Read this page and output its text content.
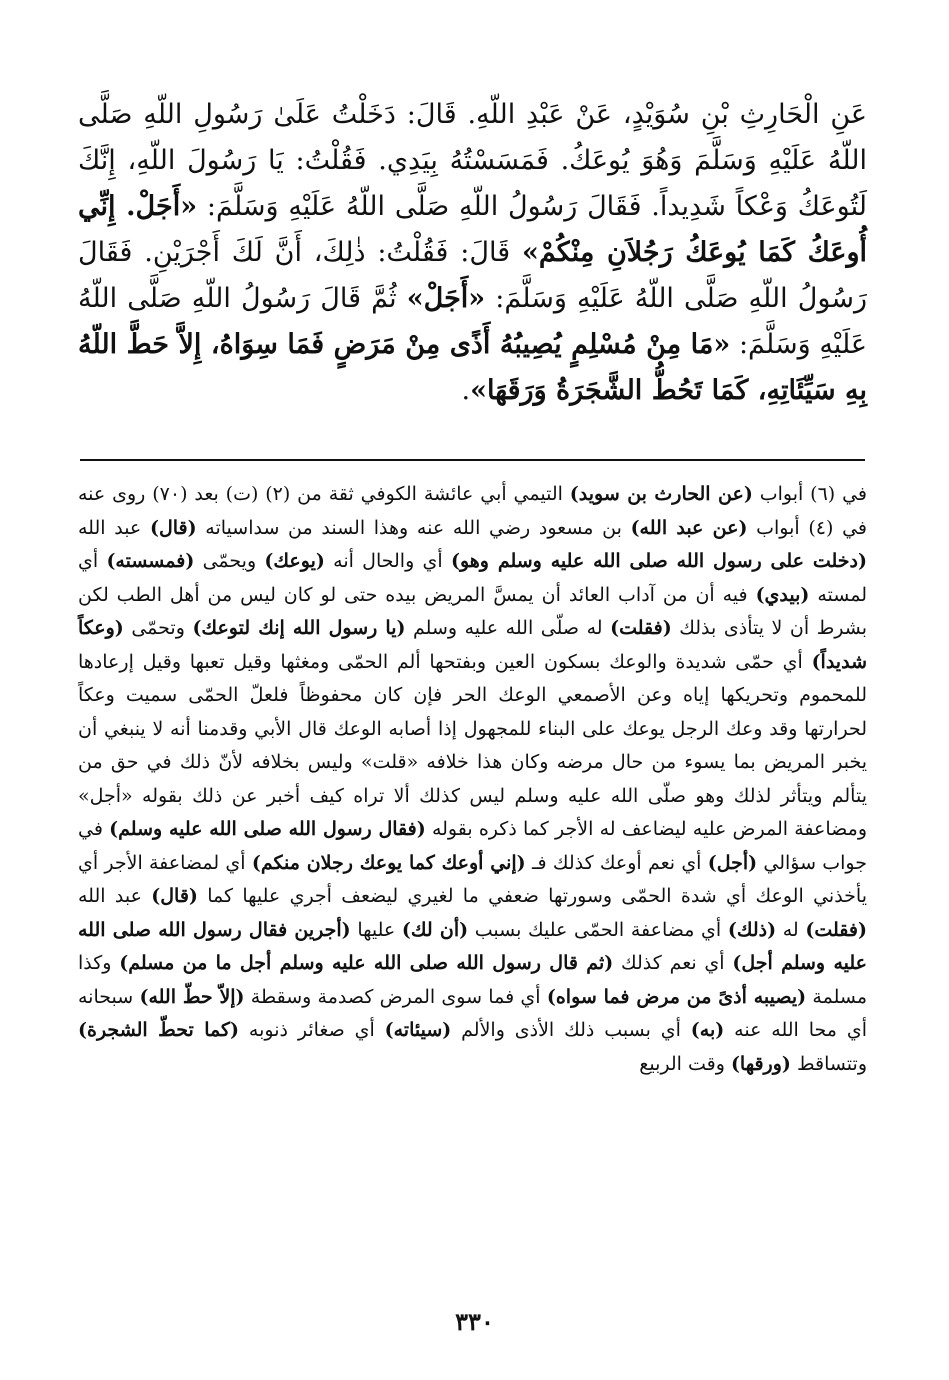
عَنِ الْحَارِثِ بْنِ سُوَيْدٍ، عَنْ عَبْدِ اللّهِ. قَالَ: دَخَلْتُ عَلَىٰ رَسُولِ اللّهِ صَلَّى اللّهُ عَلَيْهِ وَسَلَّمَ وَهُوَ يُوعَكُ. فَمَسَسْتُهُ بِيَدِي. فَقُلْتُ: يَا رَسُولَ اللّهِ، إِنَّكَ لَتُوعَكُ وَعْكاً شَدِيداً. فَقَالَ رَسُولُ اللّهِ صَلَّى اللّهُ عَلَيْهِ وَسَلَّمَ: «أَجَلْ. إِنِّي أُوعَكُ كَمَا يُوعَكُ رَجُلاَنِ مِنْكُمْ» قَالَ: فَقُلْتُ: ذٰلِكَ، أَنَّ لَكَ أَجْرَيْنِ. فَقَالَ رَسُولُ اللّهِ صَلَّى اللّهُ عَلَيْهِ وَسَلَّمَ: «أَجَلْ» ثُمَّ قَالَ رَسُولُ اللّهِ صَلَّى اللّهُ عَلَيْهِ وَسَلَّمَ: «مَا مِنْ مُسْلِمٍ يُصِيبُهُ أَذًى مِنْ مَرَضٍ فَمَا سِوَاهُ، إِلاَّ حَطَّ اللّهُ بِهِ سَيِّئَاتِهِ، كَمَا تَحُطُّ الشَّجَرَةُ وَرَقَهَا».

في (٦) أبواب (عن الحارث بن سويد) التيمي أبي عائشة الكوفي ثقة من (٢) (ت) بعد (٧٠) روى عنه في (٤) أبواب (عن عبد الله) بن مسعود رضي الله عنه وهذا السند من سداسياته (قال) عبد الله (دخلت على رسول الله صلى الله عليه وسلم وهو) أي والحال أنه (يوعك) ويحمّى (فمسسته) أي لمسته (بيدي) فيه أن من آداب العائد أن يمسَّ المريض بيده حتى لو كان ليس من أهل الطب لكن بشرط أن لا يتأذى بذلك (فقلت) له صلّى الله عليه وسلم (يا رسول الله إنك لتوعك) وتحمّى (وعكاً شديداً) أي حمّى شديدة والوعك بسكون العين وبفتحها ألم الحمّى ومغثها وقيل تعبها وقيل إرعادها للمحموم وتحريكها إياه وعن الأصمعي الوعك الحر فإن كان محفوظاً فلعلّ الحمّى سميت وعكاً لحرارتها وقد وعك الرجل يوعك على البناء للمجهول إذا أصابه الوعك قال الأبي وقدمنا أنه لا ينبغي أن يخبر المريض بما يسوء من حال مرضه وكان هذا خلافه «قلت» وليس بخلافه لأنّ ذلك في حق من يتألم ويتأثر لذلك وهو صلّى الله عليه وسلم ليس كذلك ألا تراه كيف أخبر عن ذلك بقوله «أجل» ومضاعفة المرض عليه ليضاعف له الأجر كما ذكره بقوله (فقال رسول الله صلى الله عليه وسلم) في جواب سؤالي (أجل) أي نعم أوعك كذلك فـ (إني أوعك كما يوعك رجلان منكم) أي لمضاعفة الأجر أي يأخذني الوعك أي شدة الحمّى وسورتها ضعفي ما لغيري ليضعف أجري عليها كما (قال) عبد الله (فقلت) له (ذلك) أي مضاعفة الحمّى عليك بسبب (أن لك) عليها (أجرين فقال رسول الله صلى الله عليه وسلم أجل) أي نعم كذلك (ثم قال رسول الله صلى الله عليه وسلم أجل ما من مسلم) وكذا مسلمة (يصيبه أذىً من مرض فما سواه) أي فما سوى المرض كصدمة وسقطة (إلاّ حطّ الله) سبحانه أي محا الله عنه (به) أي بسبب ذلك الأذى والألم (سيئاته) أي صغائر ذنوبه (كما تحطّ الشجرة) وتتساقط (ورقها) وقت الربيع

٣٣٠
